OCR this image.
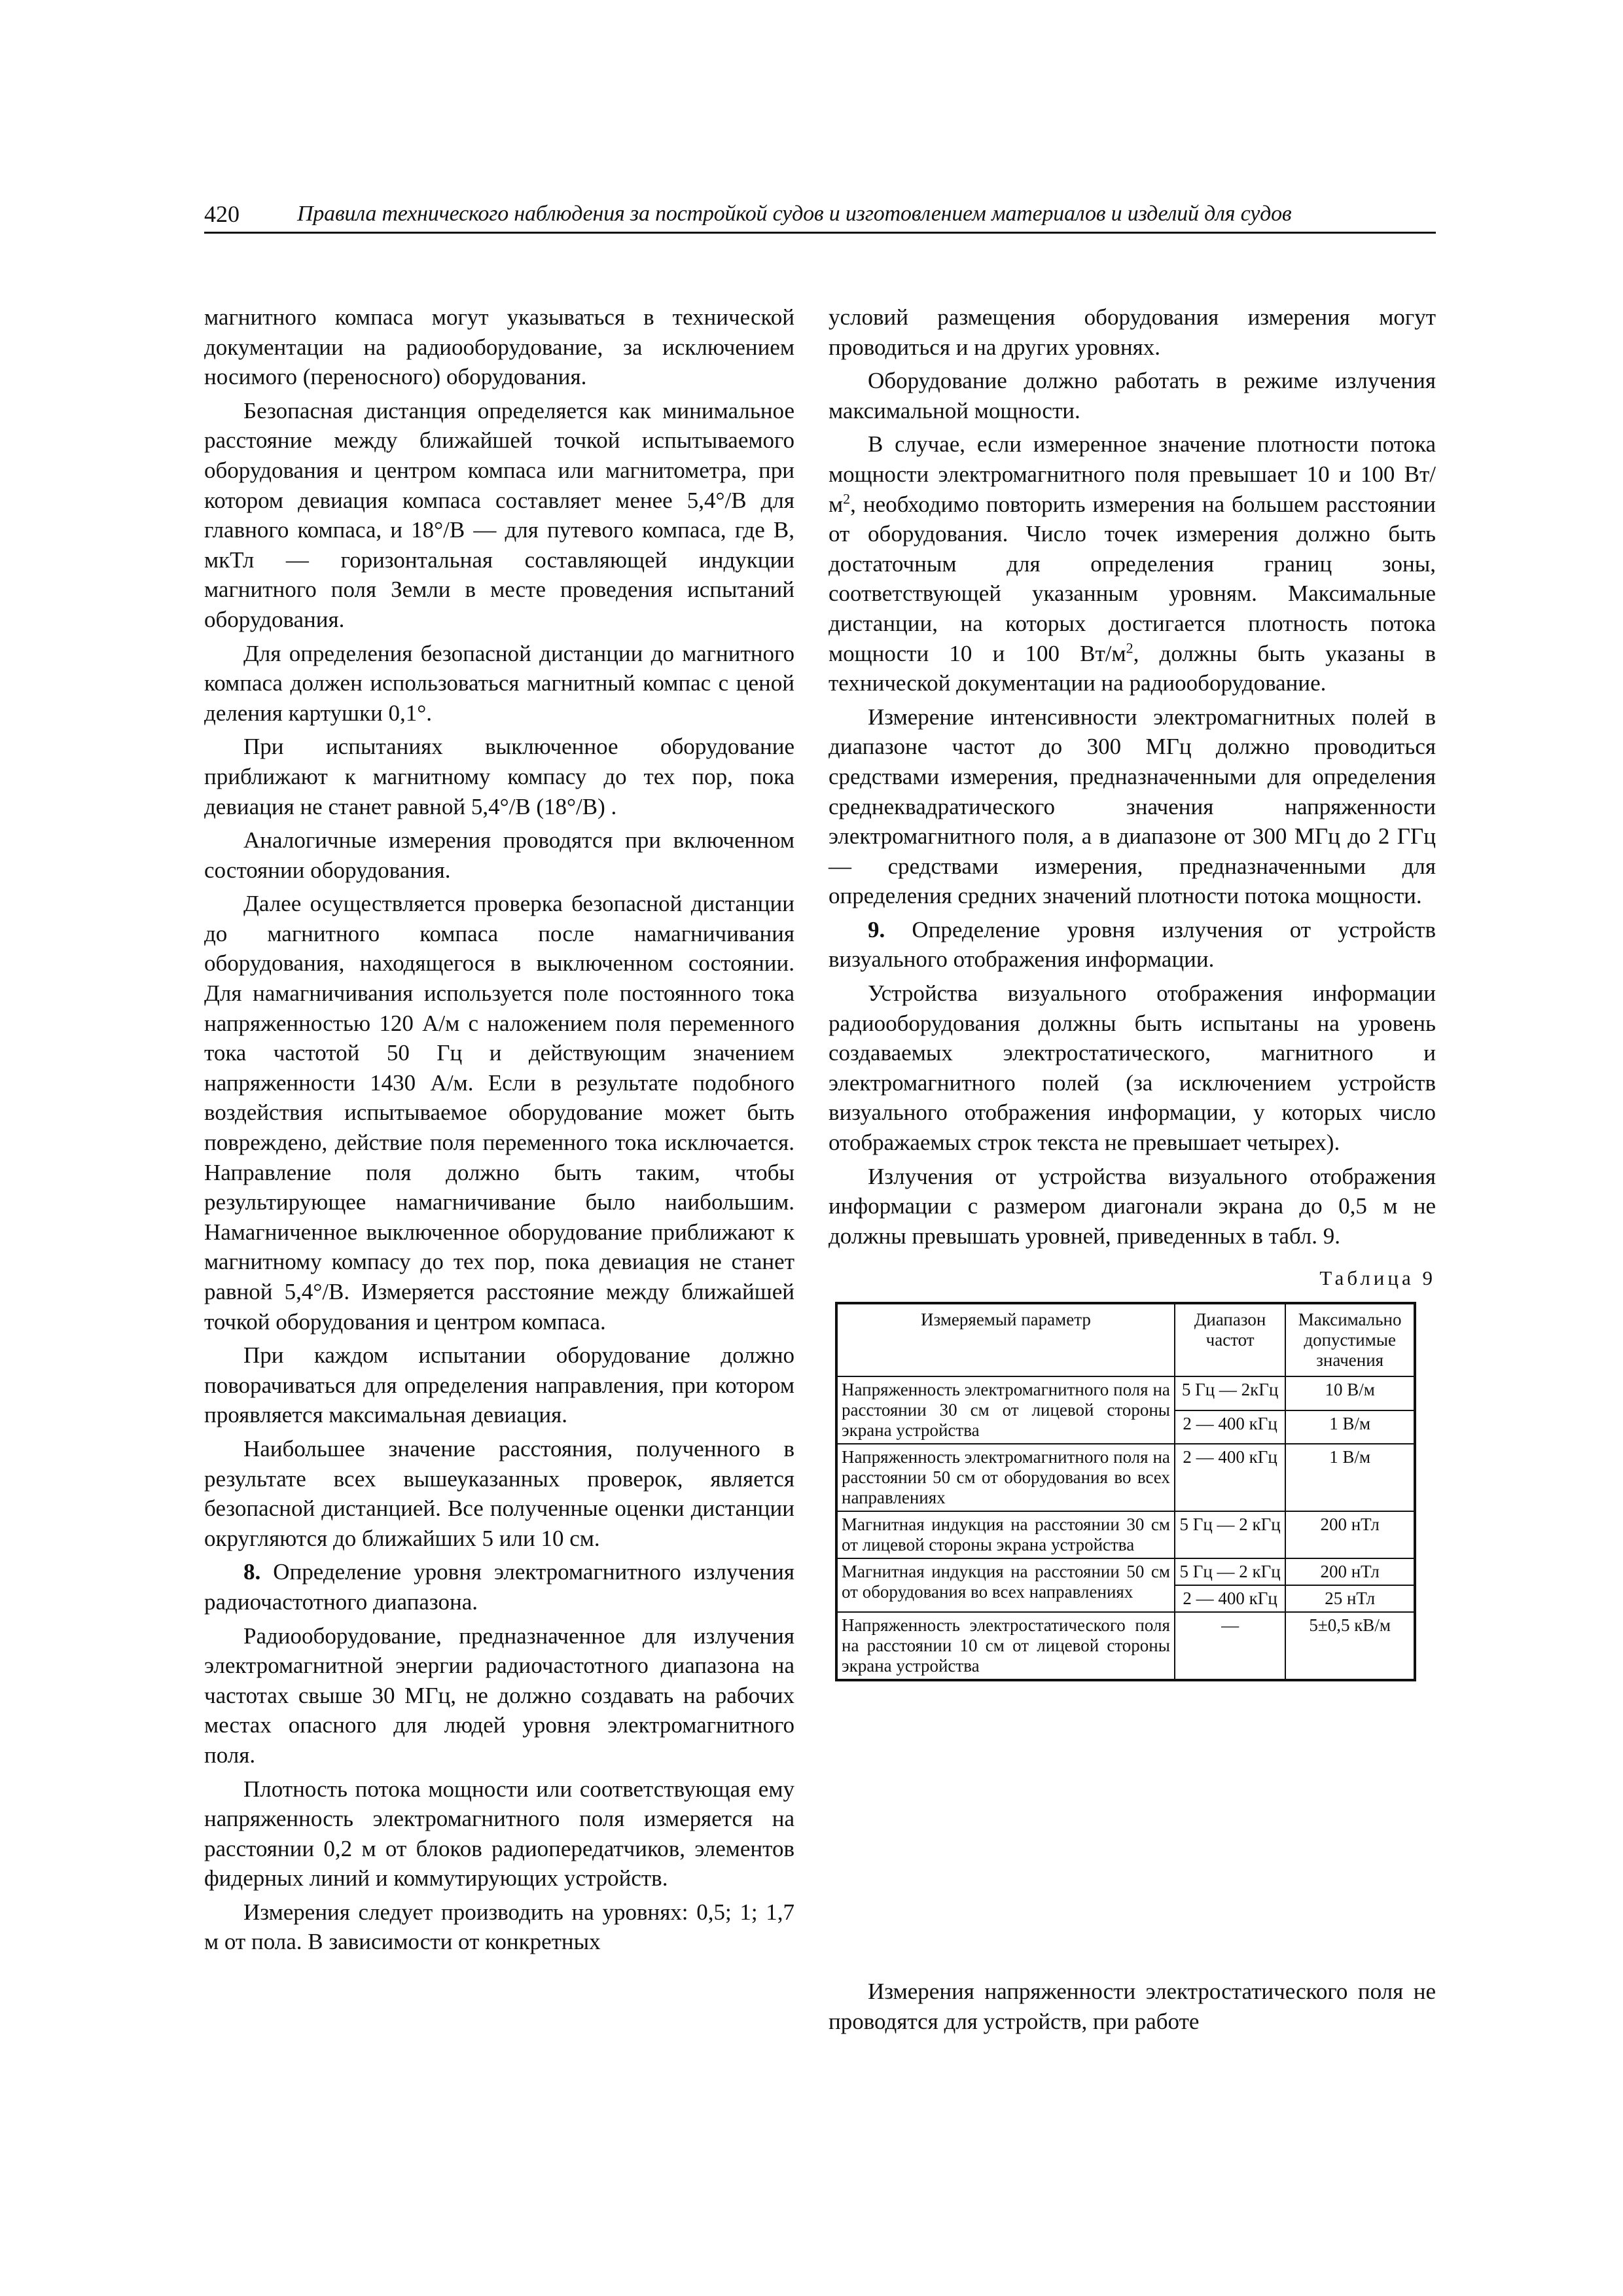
420	Правила технического наблюдения за постройкой судов и изготовлением материалов и изделий для судов

магнитного компаса могут указываться в технической документации на радиооборудование, за исключением носимого (переносного) оборудования.

Безопасная дистанция определяется как минимальное расстояние между ближайшей точкой испытываемого оборудования и центром компаса или магнитометра, при котором девиация компаса составляет менее 5,4°/B для главного компаса, и 18°/B — для путевого компаса, где B, мкТл — горизонтальная составляющей индукции магнитного поля Земли в месте проведения испытаний оборудования.

Для определения безопасной дистанции до магнитного компаса должен использоваться магнитный компас с ценой деления картушки 0,1°.

При испытаниях выключенное оборудование приближают к магнитному компасу до тех пор, пока девиация не станет равной 5,4°/B (18°/B) .

Аналогичные измерения проводятся при включенном состоянии оборудования.

Далее осуществляется проверка безопасной дистанции до магнитного компаса после намагничивания оборудования, находящегося в выключенном состоянии. Для намагничивания используется поле постоянного тока напряженностью 120 А/м с наложением поля переменного тока частотой 50 Гц и действующим значением напряженности 1430 А/м. Если в результате подобного воздействия испытываемое оборудование может быть повреждено, действие поля переменного тока исключается. Направление поля должно быть таким, чтобы результирующее намагничивание было наибольшим. Намагниченное выключенное оборудование приближают к магнитному компасу до тех пор, пока девиация не станет равной 5,4°/B. Измеряется расстояние между ближайшей точкой оборудования и центром компаса.

При каждом испытании оборудование должно поворачиваться для определения направления, при котором проявляется максимальная девиация.

Наибольшее значение расстояния, полученного в результате всех вышеуказанных проверок, является безопасной дистанцией. Все полученные оценки дистанции округляются до ближайших 5 или 10 см.

8. Определение уровня электромагнитного излучения радиочастотного диапазона.

Радиооборудование, предназначенное для излучения электромагнитной энергии радиочастотного диапазона на частотах свыше 30 МГц, не должно создавать на рабочих местах опасного для людей уровня электромагнитного поля.

Плотность потока мощности или соответствующая ему напряженность электромагнитного поля измеряется на расстоянии 0,2 м от блоков радиопередатчиков, элементов фидерных линий и коммутирующих устройств.

Измерения следует производить на уровнях: 0,5; 1; 1,7 м от пола. В зависимости от конкретных

условий размещения оборудования измерения могут проводиться и на других уровнях.

Оборудование должно работать в режиме излучения максимальной мощности.

В случае, если измеренное значение плотности потока мощности электромагнитного поля превышает 10 и 100 $Вт/м^2$, необходимо повторить измерения на большем расстоянии от оборудования. Число точек измерения должно быть достаточным для определения границ зоны, соответствующей указанным уровням. Максимальные дистанции, на которых достигается плотность потока мощности 10 и 100 $Вт/м^2$, должны быть указаны в технической документации на радиооборудование.

Измерение интенсивности электромагнитных полей в диапазоне частот до 300 МГц должно проводиться средствами измерения, предназначенными для определения среднеквадратического значения напряженности электромагнитного поля, а в диапазоне от 300 МГц до 2 ГГц — средствами измерения, предназначенными для определения средних значений плотности потока мощности.

9. Определение уровня излучения от устройств визуального отображения информации.

Устройства визуального отображения информации радиооборудования должны быть испытаны на уровень создаваемых электростатического, магнитного и электромагнитного полей (за исключением устройств визуального отображения информации, у которых число отображаемых строк текста не превышает четырех).

Излучения от устройства визуального отображения информации с размером диагонали экрана до 0,5 м не должны превышать уровней, приведенных в табл. 9.

Таблица 9
Измеряемый параметр	Диапазон частот	Максимально допустимые значения
Напряженность электромагнитного поля на расстоянии 30 см от лицевой стороны экрана устройства	5 Гц — 2кГц	10 В/м
	2 — 400 кГц	1 В/м
Напряженность электромагнитного поля на расстоянии 50 см от оборудования во всех направлениях	2 — 400 кГц	1 В/м
Магнитная индукция на расстоянии 30 см от лицевой стороны экрана устройства	5 Гц — 2 кГц	200 нТл
Магнитная индукция на расстоянии 50 см от оборудования во всех направлениях	5 Гц — 2 кГц	200 нТл
	2 — 400 кГц	25 нТл
Напряженность электростатического поля на расстоянии 10 см от лицевой стороны экрана устройства	—	5±0,5 кВ/м

Измерения напряженности электростатического поля не проводятся для устройств, при работе
